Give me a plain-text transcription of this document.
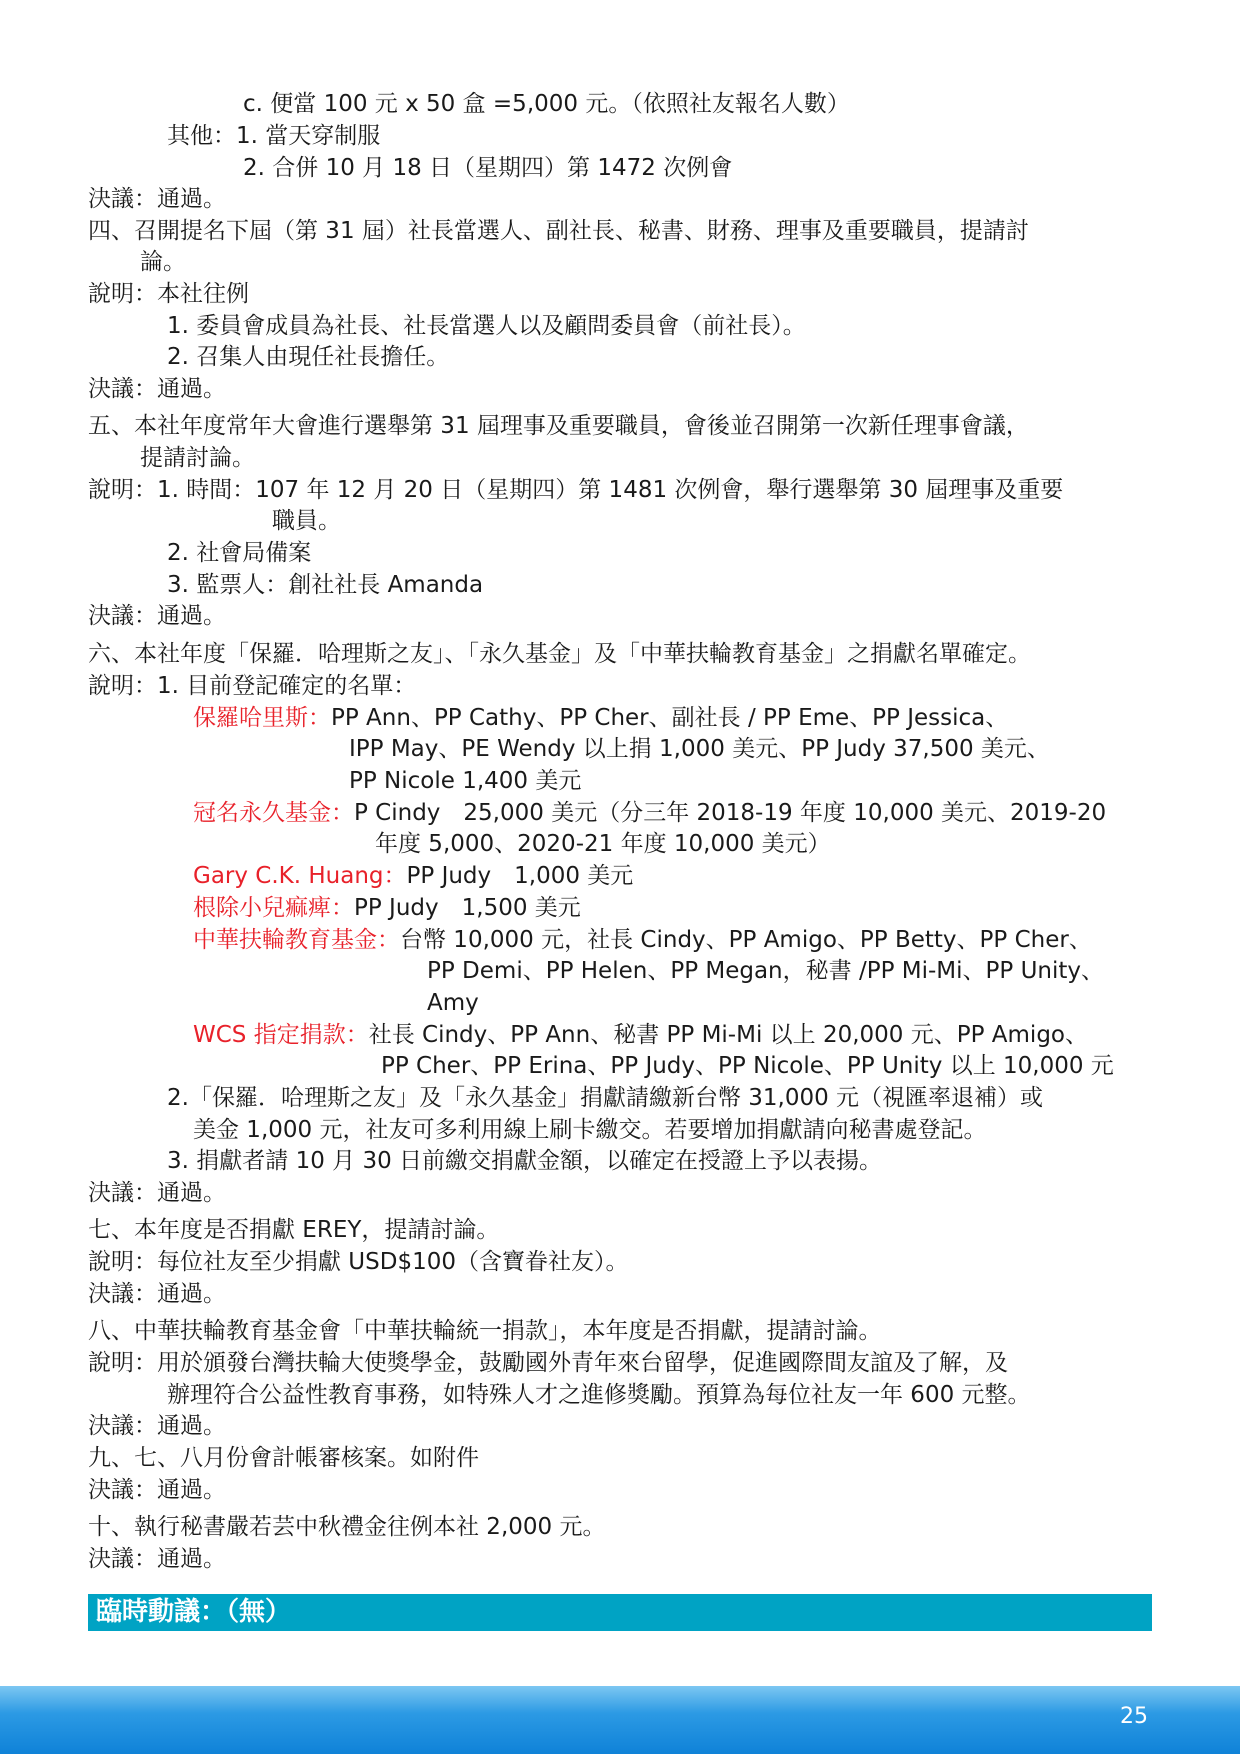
c. 便當 100 元 x 50 盒 =5,000 元。（依照社友報名人數）
其他：1. 當天穿制服
2. 合併 10 月 18 日（星期四）第 1472 次例會
決議：通過。
四、召開提名下屆（第 31 屆）社長當選人、副社長、秘書、財務、理事及重要職員，提請討
論。
說明：本社往例
1. 委員會成員為社長、社長當選人以及顧問委員會（前社長）。
2. 召集人由現任社長擔任。
決議：通過。
五、本社年度常年大會進行選舉第 31 屆理事及重要職員，會後並召開第一次新任理事會議，
提請討論。
說明：1. 時間：107 年 12 月 20 日（星期四）第 1481 次例會，舉行選舉第 30 屆理事及重要
職員。
2. 社會局備案
3. 監票人：創社社長 Amanda
決議：通過。
六、本社年度「保羅．哈理斯之友」、「永久基金」及「中華扶輪教育基金」之捐獻名單確定。
說明：1. 目前登記確定的名單：
保羅哈里斯：PP Ann、PP Cathy、PP Cher、副社長 / PP Eme、PP Jessica、
IPP May、PE Wendy 以上捐 1,000 美元、PP Judy 37,500 美元、
PP Nicole 1,400 美元
冠名永久基金：P Cindy　25,000 美元（分三年 2018-19 年度 10,000 美元、2019-20
年度 5,000、2020-21 年度 10,000 美元）
Gary C.K. Huang：PP Judy　1,000 美元
根除小兒痲痺：PP Judy　1,500 美元
中華扶輪教育基金：台幣 10,000 元，社長 Cindy、PP Amigo、PP Betty、PP Cher、
PP Demi、PP Helen、PP Megan，秘書 /PP Mi-Mi、PP Unity、
Amy
WCS 指定捐款：社長 Cindy、PP Ann、秘書 PP Mi-Mi 以上 20,000 元、PP Amigo、
PP Cher、PP Erina、PP Judy、PP Nicole、PP Unity 以上 10,000 元
2.「保羅．哈理斯之友」及「永久基金」捐獻請繳新台幣 31,000 元（視匯率退補）或
美金 1,000 元，社友可多利用線上刷卡繳交。若要增加捐獻請向秘書處登記。
3. 捐獻者請 10 月 30 日前繳交捐獻金額，以確定在授證上予以表揚。
決議：通過。
七、本年度是否捐獻 EREY，提請討論。
說明：每位社友至少捐獻 USD$100（含寶眷社友）。
決議：通過。
八、中華扶輪教育基金會「中華扶輪統一捐款」，本年度是否捐獻，提請討論。
說明：用於頒發台灣扶輪大使獎學金，鼓勵國外青年來台留學，促進國際間友誼及了解，及
辦理符合公益性教育事務，如特殊人才之進修獎勵。預算為每位社友一年 600 元整。
決議：通過。
九、七、八月份會計帳審核案。如附件
決議：通過。
十、執行秘書嚴若芸中秋禮金往例本社 2,000 元。
決議：通過。
臨時動議：（無）
25
